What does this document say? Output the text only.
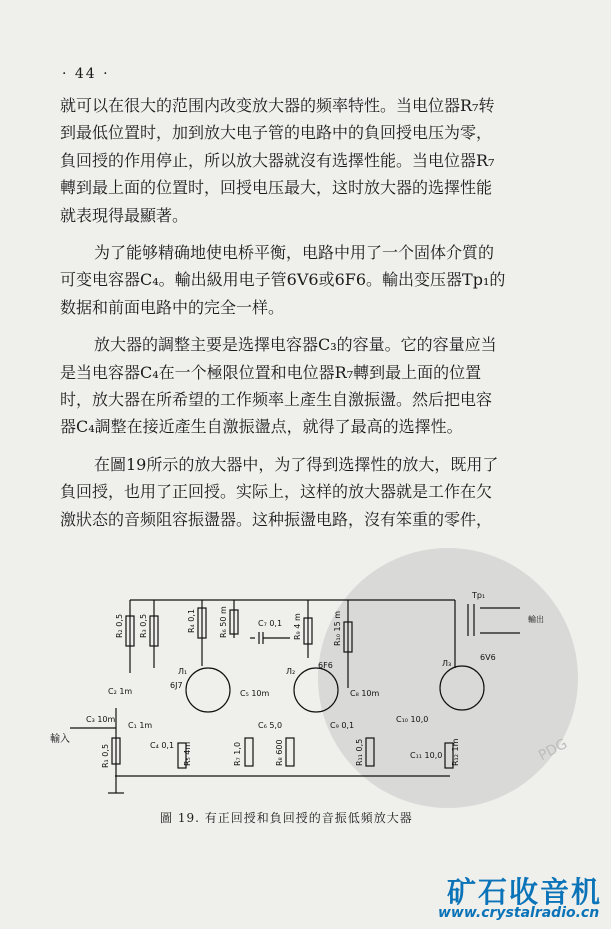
PDG
· 44 ·

就可以在很大的范围内改变放大器的频率特性。当电位器R₇转
到最低位置时，加到放大电子管的电路中的負回授电压为零，
負回授的作用停止，所以放大器就沒有选擇性能。当电位器R₇
轉到最上面的位置时，回授电压最大，这时放大器的选擇性能
就表現得最顯著。

为了能够精确地使电桥平衡，电路中用了一个固体介質的
可变电容器C₄。輸出級用电子管6V6或6F6。輸出变压器Tp₁的
数据和前面电路中的完全一样。

放大器的調整主要是选擇电容器C₃的容量。它的容量应当
是当电容器C₄在一个極限位置和电位器R₇轉到最上面的位置
时，放大器在所希望的工作频率上產生自激振盪。然后把电容
器C₄調整在接近產生自激振盪点，就得了最高的选擇性。

在圖19所示的放大器中，为了得到选擇性的放大，既用了
負回授，也用了正回授。实际上，这样的放大器就是工作在欠
激狀态的音频阻容振盪器。这种振盪电路，沒有笨重的零件，

R₂ 0,5 R₃ 0,5	R₄ 0,1	R₆ 50 m	C₇ 0,1 R₉ 4 m	R₁₀ 15 m
Tp₁
輸出
6V6
Л₁
6F6
Л₂
Л₃
C₂ 1m
6J7
C₅ 10m	C₈ 10m
C₃ 10m
C₁ 1m
C₄ 0,1
C₆ 5,0	C₉ 0,1
C₁₀ 10,0
C₁₁ 10,0
R₅ 4m	R₇ 1,0	R₈ 600	R₁₁ 0,5	R₁₂ 1m
R₁ 0,5
輸入
圖 19. 有正回授和負回授的音振低頻放大器
矿石收音机
www.crystalradio.cn
